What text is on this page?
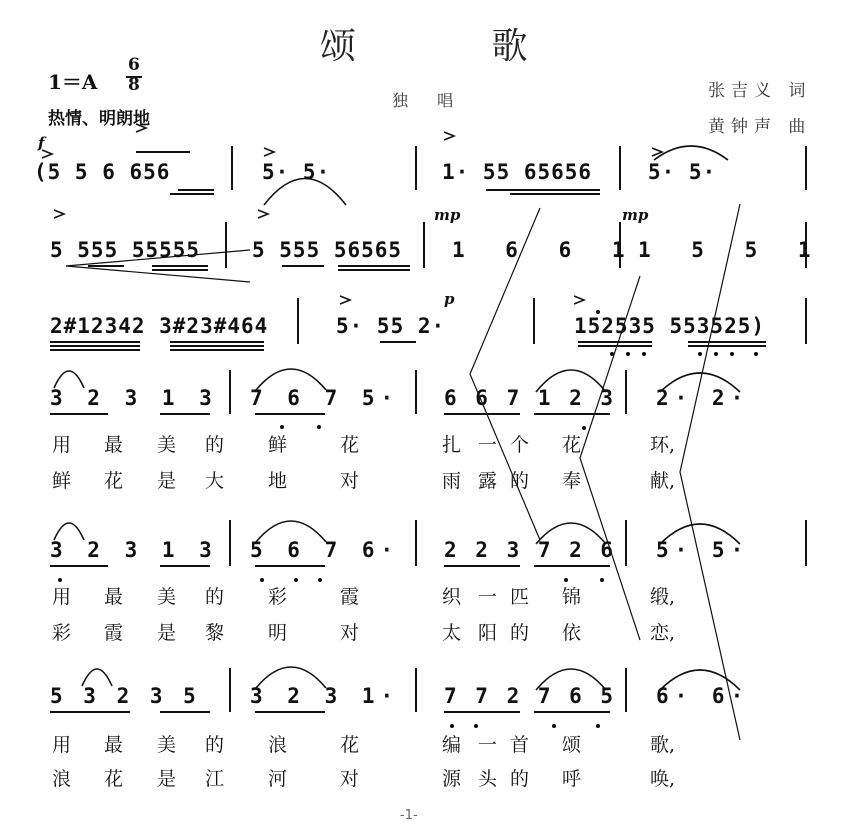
颂 歌
独 唱
1＝A
6
8
热情、明朗地
张吉义 词
黄钟声 曲
f
mp	mp
p
(5 5 6 656	5· 5·	1· 55 65656	5· 5·
5 555 55555 5 555 56565 1 6 6 1 1 5 5 1
2#12342 3#23#464	5· 55 2·	152535 553525)
3 2 3 1 3 7 6 7 5· 6 6 7 1 2 3 2· 2·
3 2 3 1 3 5 6 7 6· 2 2 3 7 2 6 5· 5·
5 3 2 3 5 3 2 3 1· 7 7 2 7 6 5 6· 6·
用 最 美 的 鲜	花	扎 一 个 花	环,
鲜 花 是 大 地	对	雨 露 的 奉	献,
用 最 美 的 彩	霞	织 一 匹 锦	缎,
彩 霞 是 黎 明	对	太 阳 的 依	恋,
用 最 美 的 浪	花	编 一 首 颂	歌,
浪 花 是 江 河	对	源 头 的 呼	唤,
-1-
